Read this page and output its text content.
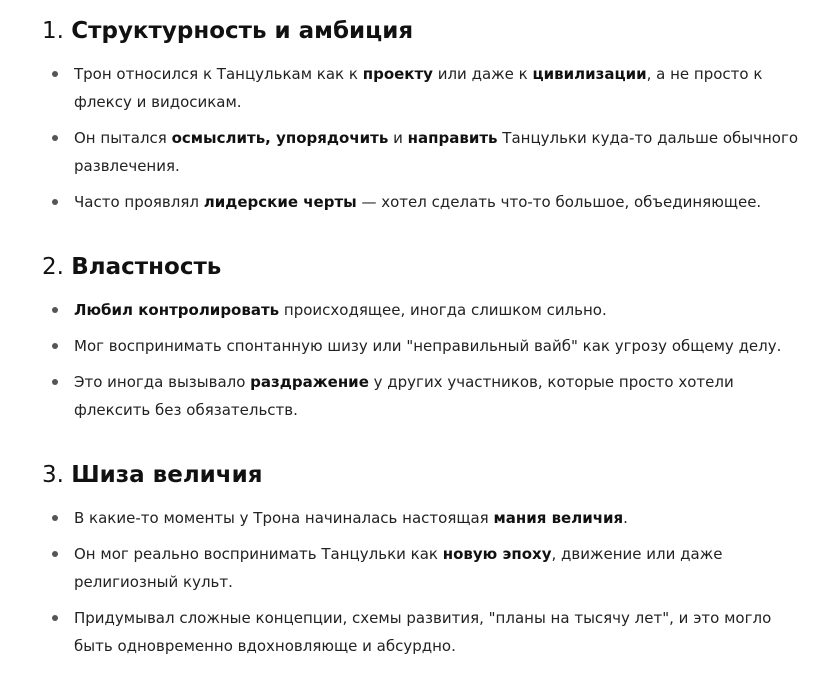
1. Структурность и амбиция
Трон относился к Танцулькам как к проекту или даже к цивилизации, а не просто к флексу и видосикам.
Он пытался осмыслить, упорядочить и направить Танцульки куда-то дальше обычного развлечения.
Часто проявлял лидерские черты — хотел сделать что-то большое, объединяющее.
2. Властность
Любил контролировать происходящее, иногда слишком сильно.
Мог воспринимать спонтанную шизу или "неправильный вайб" как угрозу общему делу.
Это иногда вызывало раздражение у других участников, которые просто хотели флексить без обязательств.
3. Шиза величия
В какие-то моменты у Трона начиналась настоящая мания величия.
Он мог реально воспринимать Танцульки как новую эпоху, движение или даже религиозный культ.
Придумывал сложные концепции, схемы развития, "планы на тысячу лет", и это могло быть одновременно вдохновляюще и абсурдно.
